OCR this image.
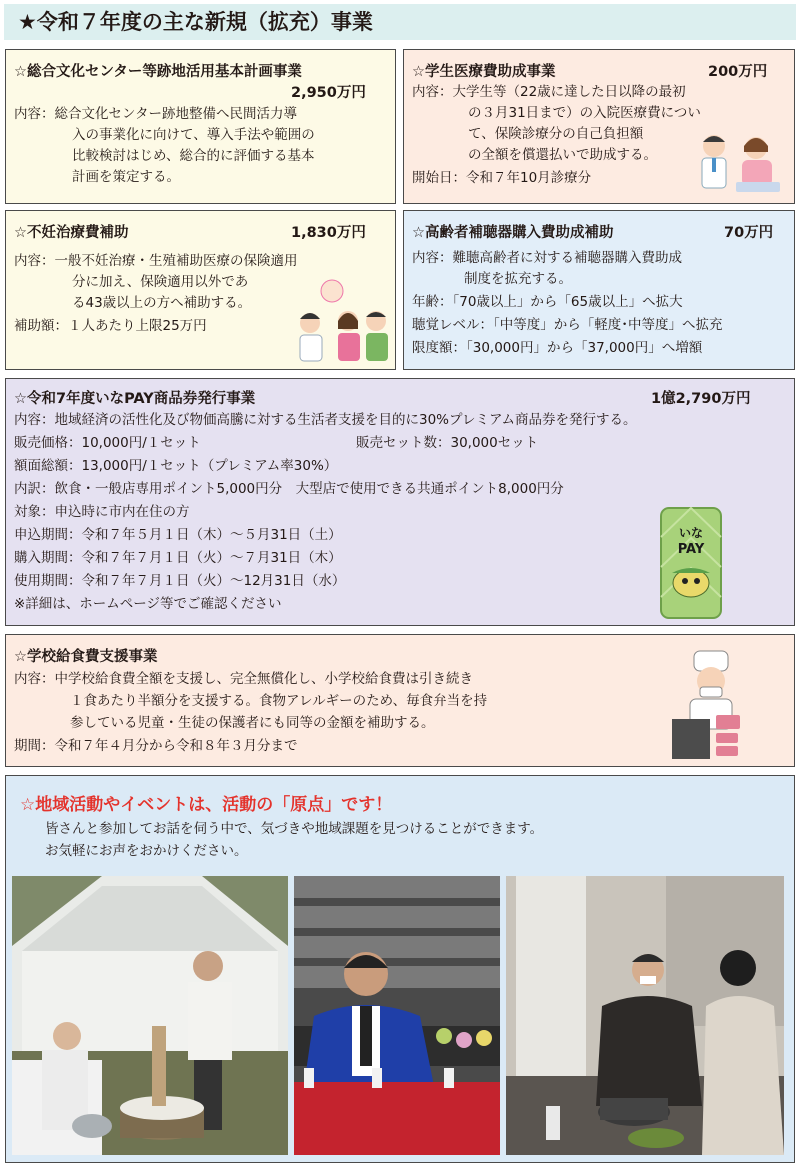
★令和７年度の主な新規（拡充）事業
☆総合文化センター等跡地活用基本計画事業
2,950万円
内容：総合文化センター跡地整備へ民間活力導
入の事業化に向けて、導入手法や範囲の
比較検討はじめ、総合的に評価する基本
計画を策定する。
☆学生医療費助成事業	200万円
内容：大学生等（22歳に達した日以降の最初
の３月31日まで）の入院医療費につい
て、保険診療分の自己負担額
の全額を償還払いで助成する。
開始日：令和７年10月診療分
☆不妊治療費補助	1,830万円
内容：一般不妊治療・生殖補助医療の保険適用
分に加え、保険適用以外であ
る43歳以上の方へ補助する。
補助額：１人あたり上限25万円
☆高齢者補聴器購入費助成補助	70万円
内容：難聴高齢者に対する補聴器購入費助成
制度を拡充する。
年齢：「70歳以上」から「65歳以上」へ拡大
聴覚レベル：「中等度」から「軽度･中等度」へ拡充
限度額：「30,000円」から「37,000円」へ増額
☆令和7年度いなPAY商品券発行事業	1億2,790万円
内容：地域経済の活性化及び物価高騰に対する生活者支援を目的に30%プレミアム商品券を発行する。
販売価格：10,000円/１セット	販売セット数：30,000セット
額面総額：13,000円/１セット（プレミアム率30%）
内訳：飲食・一般店専用ポイント5,000円分　大型店で使用できる共通ポイント8,000円分
対象：申込時に市内在住の方
申込期間：令和７年５月１日（木）～５月31日（土）
購入期間：令和７年７月１日（火）～７月31日（木）
使用期間：令和７年７月１日（火）～12月31日（水）
※詳細は、ホームページ等でご確認ください
いな
PAY
☆学校給食費支援事業
内容：中学校給食費全額を支援し、完全無償化し、小学校給食費は引き続き
１食あたり半額分を支援する。食物アレルギーのため、毎食弁当を持
参している児童・生徒の保護者にも同等の金額を補助する。
期間：令和７年４月分から令和８年３月分まで
☆地域活動やイベントは、活動の「原点」です！
皆さんと参加してお話を伺う中で、気づきや地域課題を見つけることができます。
お気軽にお声をおかけください。
